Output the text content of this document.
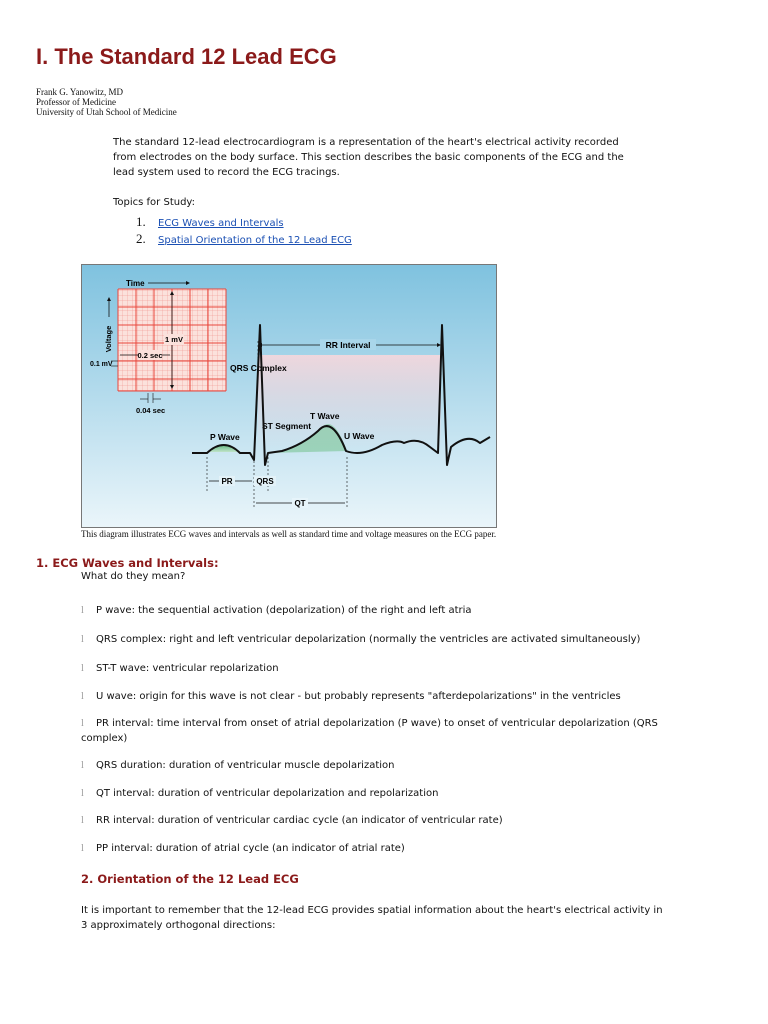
I. The Standard 12 Lead ECG
Frank G. Yanowitz, MD
Professor of Medicine
University of Utah School of Medicine

The standard 12-lead electrocardiogram is a representation of the heart's electrical activity recorded from electrodes on the body surface. This section describes the basic components of the ECG and the lead system used to record the ECG tracings.

Topics for Study:
1. ECG Waves and Intervals
2. Spatial Orientation of the 12 Lead ECG
Time
Voltage	1 mV
0.2 sec
0.1 mV
0.04 sec
RR Interval
QRS Complex
ST Segment
T Wave
U Wave
P Wave
PR	QRS
QT
This diagram illustrates ECG waves and intervals as well as standard time and voltage measures on the ECG paper.
1. ECG Waves and Intervals:
What do they mean?
l P wave: the sequential activation (depolarization) of the right and left atria
l QRS complex: right and left ventricular depolarization (normally the ventricles are activated simultaneously)
l ST-T wave: ventricular repolarization
l U wave: origin for this wave is not clear - but probably represents "afterdepolarizations" in the ventricles
l PR interval: time interval from onset of atrial depolarization (P wave) to onset of ventricular depolarization (QRS complex)
l QRS duration: duration of ventricular muscle depolarization
l QT interval: duration of ventricular depolarization and repolarization
l RR interval: duration of ventricular cardiac cycle (an indicator of ventricular rate)
l PP interval: duration of atrial cycle (an indicator of atrial rate)
2. Orientation of the 12 Lead ECG

It is important to remember that the 12-lead ECG provides spatial information about the heart's electrical activity in 3 approximately orthogonal directions:
